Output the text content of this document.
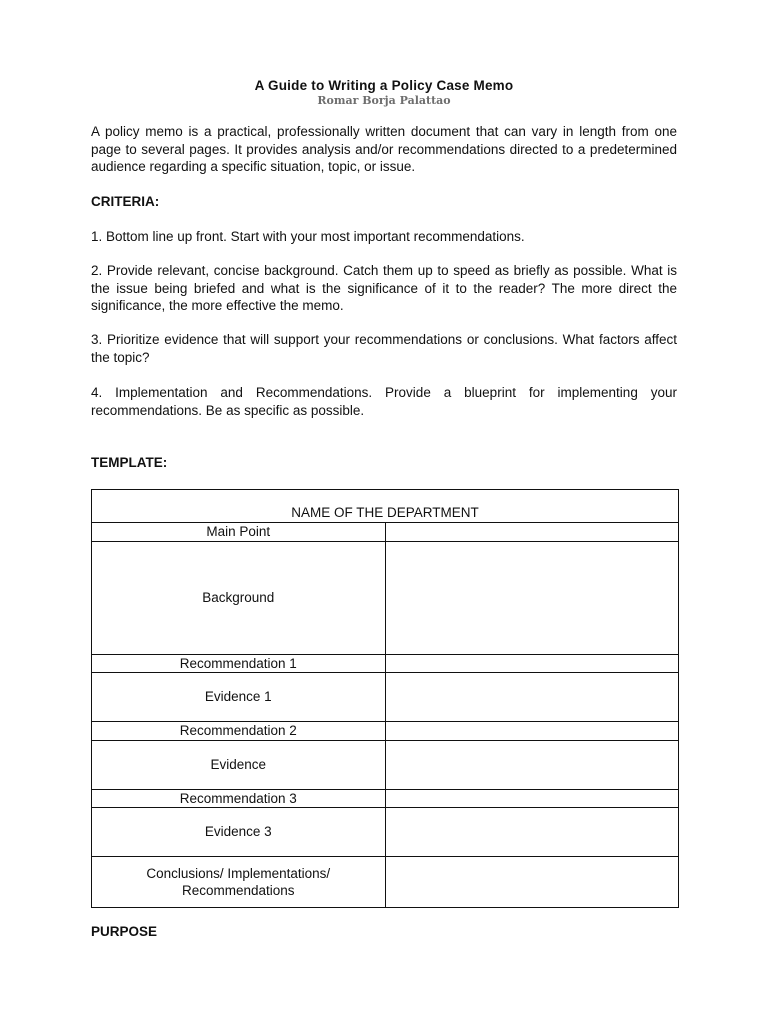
A Guide to Writing a Policy Case Memo
Romar Borja Palattao

A policy memo is a practical, professionally written document that can vary in length from one page to several pages. It provides analysis and/or recommendations directed to a predetermined audience regarding a specific situation, topic, or issue.

CRITERIA:

1. Bottom line up front. Start with your most important recommendations.

2. Provide relevant, concise background. Catch them up to speed as briefly as possible. What is the issue being briefed and what is the significance of it to the reader? The more direct the significance, the more effective the memo.

3. Prioritize evidence that will support your recommendations or conclusions. What factors affect the topic?

4. Implementation and Recommendations. Provide a blueprint for implementing your recommendations. Be as specific as possible.

TEMPLATE:

NAME OF THE DEPARTMENT	
Main Point	
Background	
Recommendation 1	
Evidence 1	
Recommendation 2	
Evidence	
Recommendation 3	
Evidence 3	
Conclusions/ Implementations/ Recommendations	

PURPOSE
